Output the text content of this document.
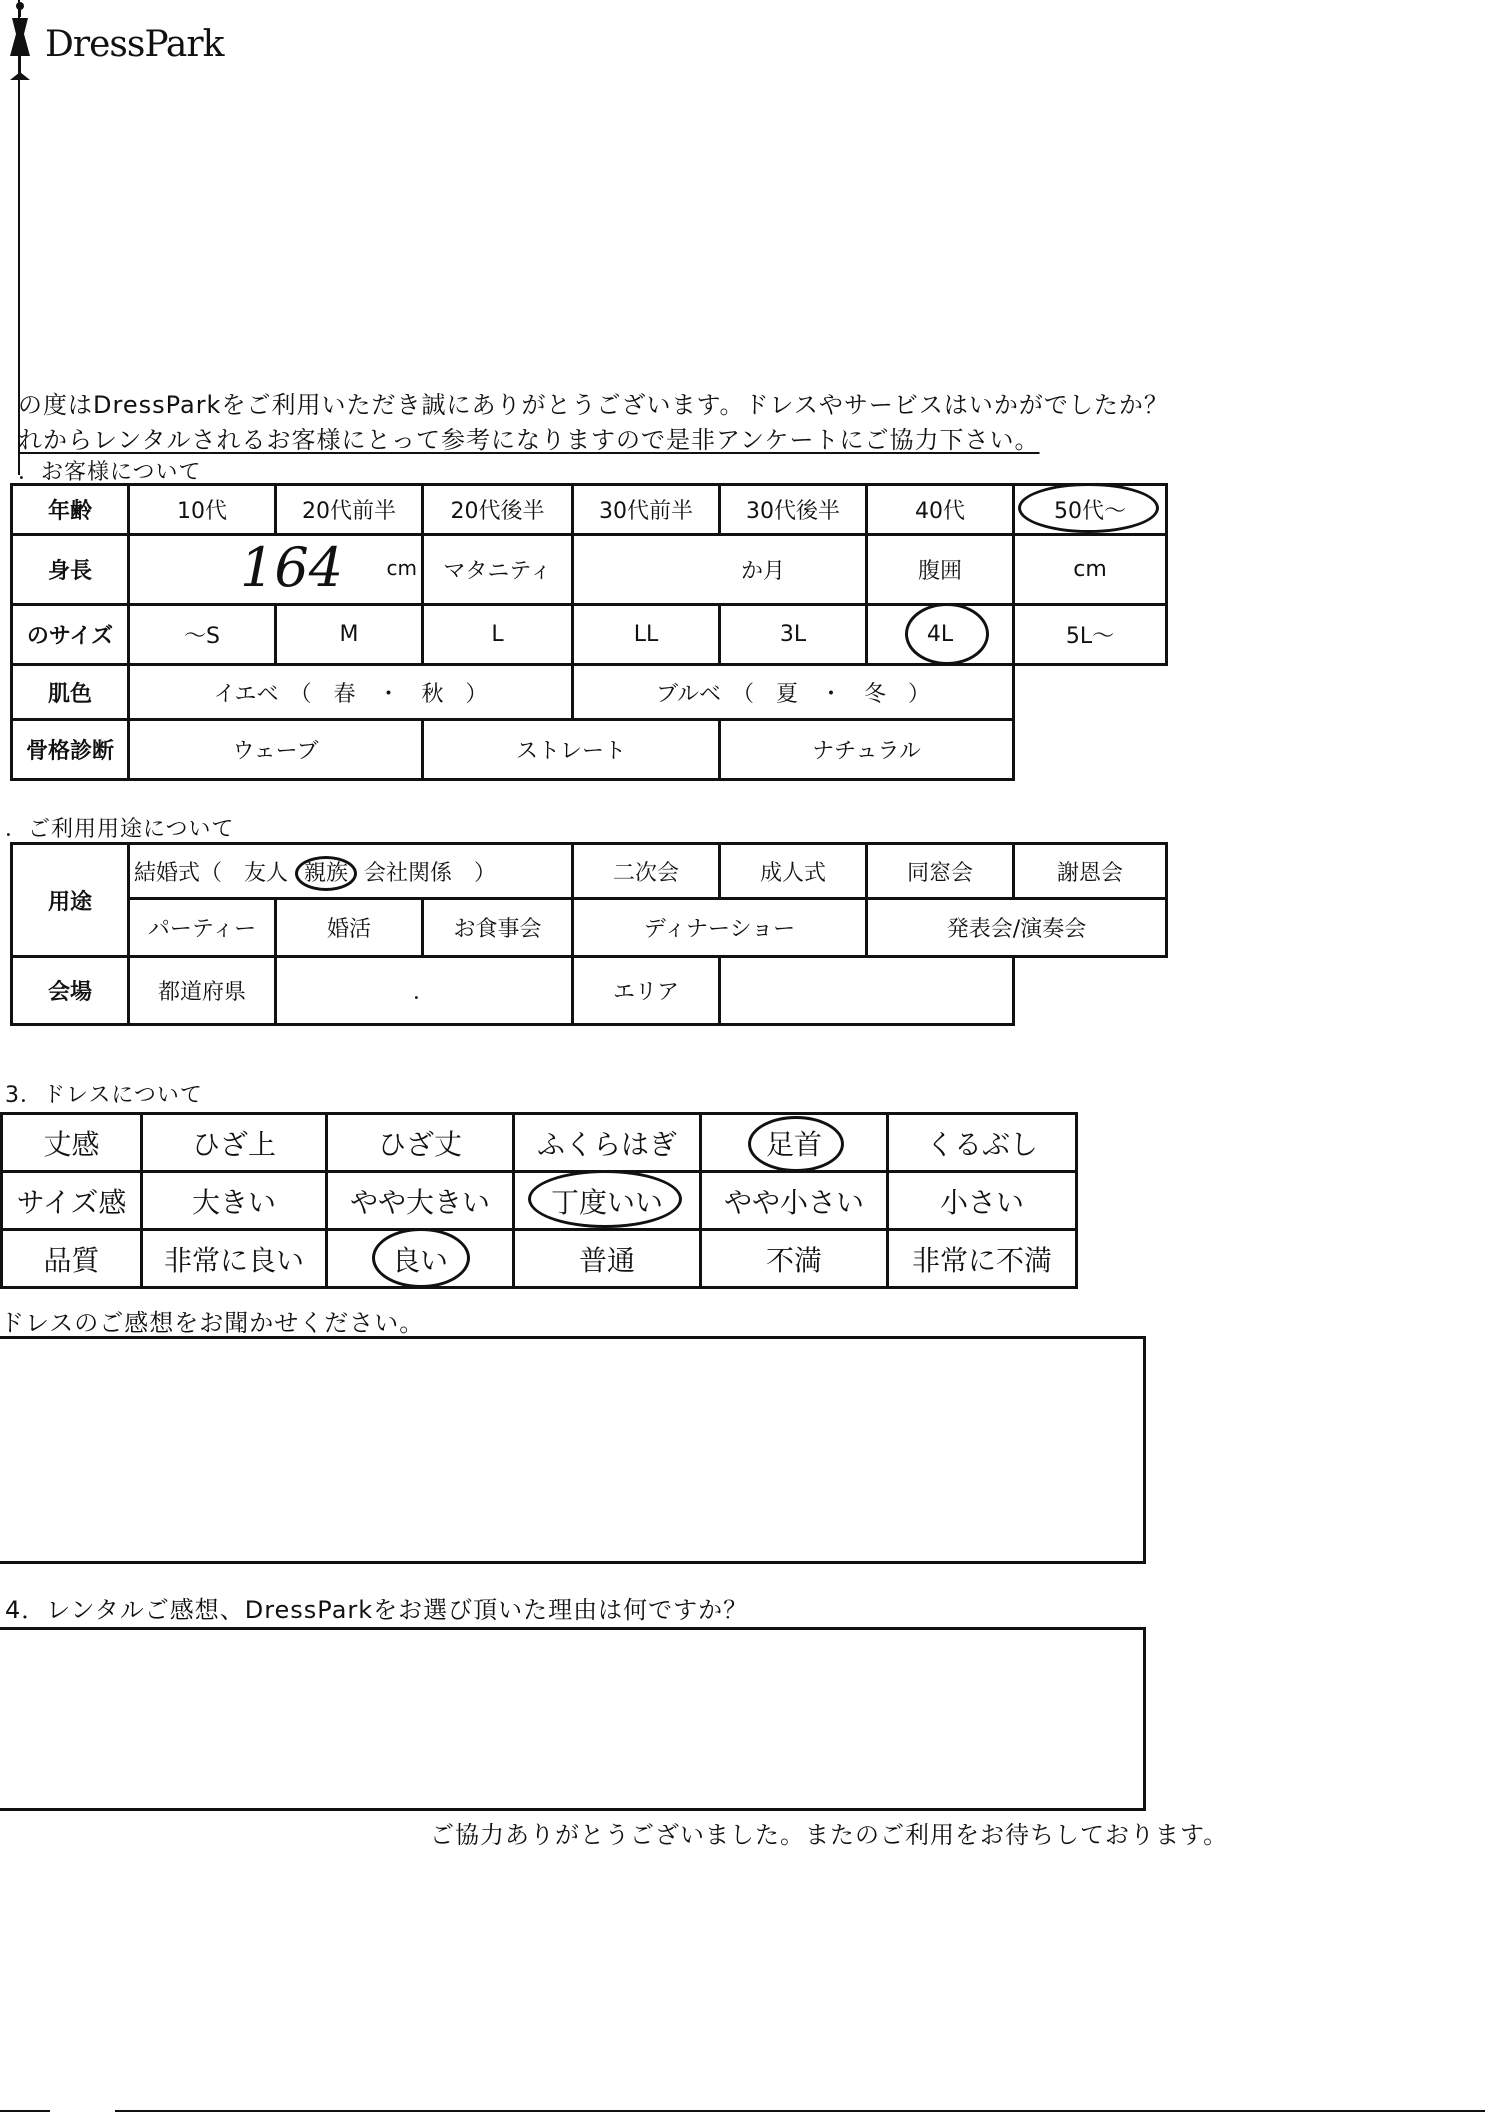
DressPark
の度はDressParkをご利用いただき誠にありがとうございます。ドレスやサービスはいかがでしたか？
れからレンタルされるお客様にとって参考になりますので是非アンケートにご協力下さい。
．お客様について
年齢	10代	20代前半	20代後半	30代前半	30代後半	40代	50代～
身長	164 cm		マタニティ	か月		腹囲	cm
のサイズ	～S	M	L	LL	3L	4L	5L～
肌色	イエベ　（　春　・　秋　）			ブルベ　（　夏　・　冬　）			
骨格診断	ウェーブ		ストレート		ナチュラル		
．ご利用用途について
用途	結婚式（　友人 親族 会社関係　）			二次会	成人式	同窓会	謝恩会
	パーティー	婚活	お食事会	ディナーショー		発表会/演奏会	
会場	都道府県	．		エリア			
3．ドレスについて
丈感	ひざ上	ひざ丈	ふくらはぎ	足首	くるぶし
サイズ感	大きい	やや大きい	丁度いい	やや小さい	小さい
品質	非常に良い	良い	普通	不満	非常に不満
ドレスのご感想をお聞かせください。
4．レンタルご感想、DressParkをお選び頂いた理由は何ですか？
ご協力ありがとうございました。またのご利用をお待ちしております。
